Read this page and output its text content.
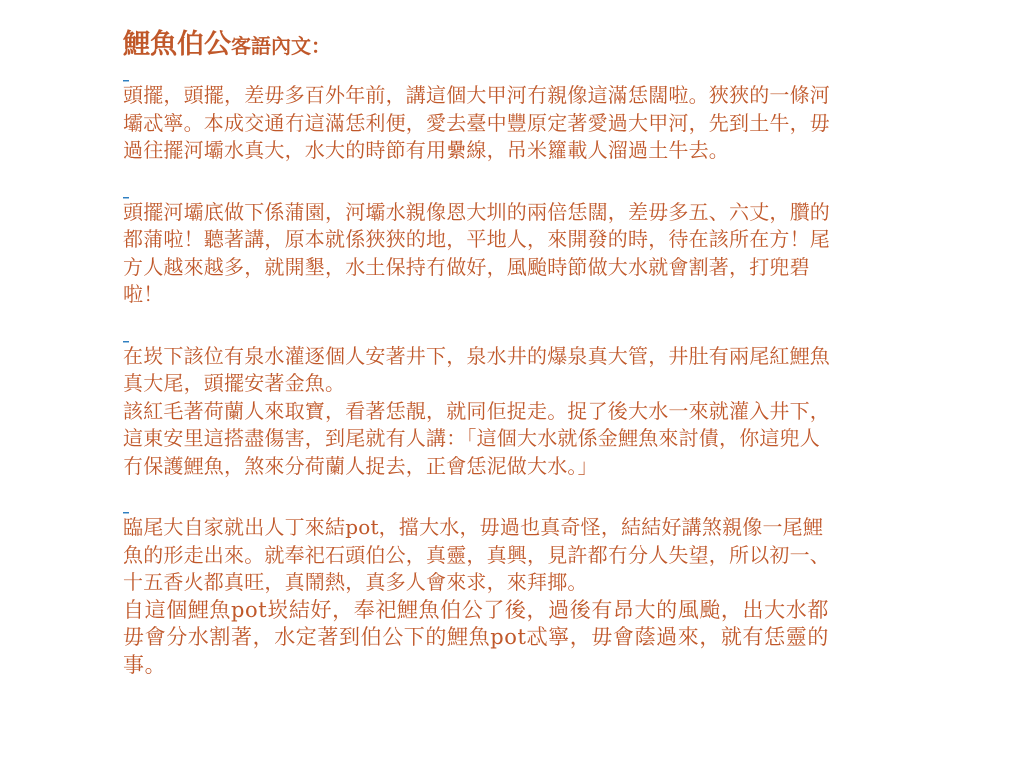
鯉魚伯公客語內文：
_

頭擺，頭擺，差毋多百外年前，講這個大甲河冇親像這滿恁闊啦。狹狹的一條河壩忒寧。本成交通冇這滿恁利便，愛去臺中豐原定著愛過大甲河，先到土牛，毋過往擺河壩水真大，水大的時節有用纍線，吊米籮載人溜過土牛去。

_

頭擺河壩底做下係蒲園，河壩水親像恩大圳的兩倍恁闊，差毋多五、六丈，臢的都蒲啦！聽著講，原本就係狹狹的地，平地人，來開發的時，待在該所在方！尾方人越來越多，就開墾，水土保持冇做好，風颱時節做大水就會割著，打兜碧啦！

_

在崁下該位有泉水灌逐個人安著井下，泉水井的爆泉真大管，井肚有兩尾紅鯉魚真大尾，頭擺安著金魚。

該紅毛著荷蘭人來取寶，看著恁靚，就同佢捉走。捉了後大水一來就灌入井下，這東安里這搭盡傷害，到尾就有人講：「這個大水就係金鯉魚來討債，你這兜人冇保護鯉魚，煞來分荷蘭人捉去，正會恁泥做大水。」

_

臨尾大自家就出人丁來結pot，擋大水，毋過也真奇怪，結結好講煞親像一尾鯉魚的形走出來。就奉祀石頭伯公，真靈，真興，見許都冇分人失望，所以初一、十五香火都真旺，真鬧熱，真多人會來求，來拜揶。

自這個鯉魚pot崁結好，奉祀鯉魚伯公了後，過後有昂大的風颱，出大水都毋會分水割著，水定著到伯公下的鯉魚pot忒寧，毋會蔭過來，就有恁靈的事。
